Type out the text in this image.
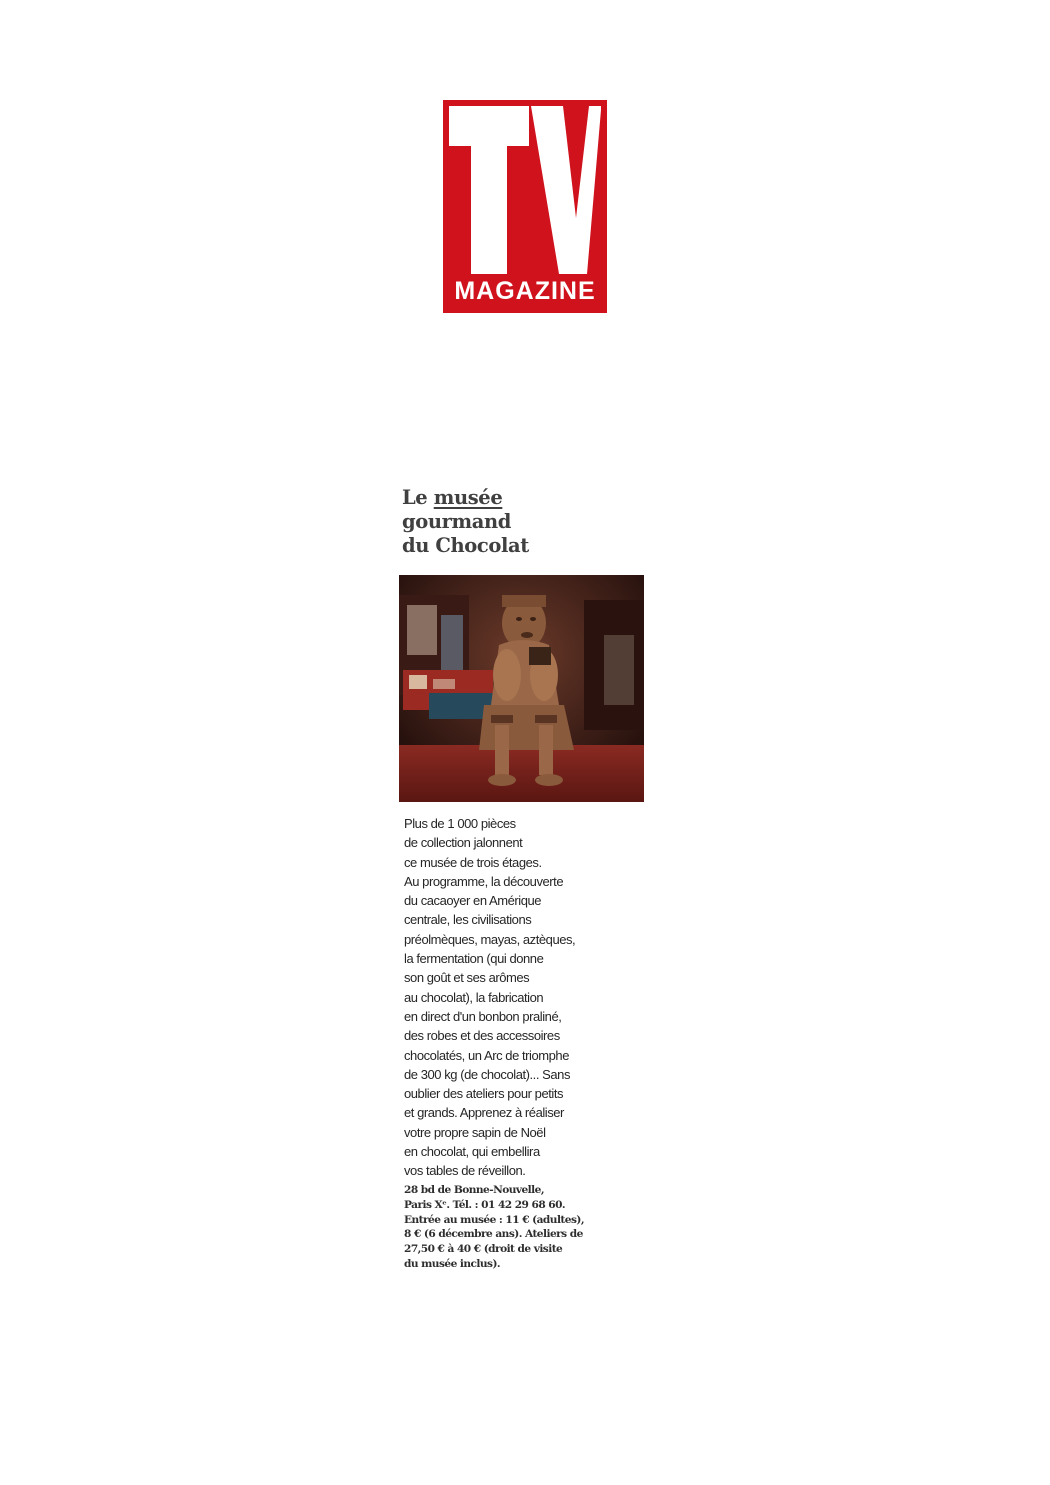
MAGAZINE
Le musée
gourmand
du Chocolat
Plus de 1 000 pièces
de collection jalonnent
ce musée de trois étages.
Au programme, la découverte
du cacaoyer en Amérique
centrale, les civilisations
préolmèques, mayas, aztèques,
la fermentation (qui donne
son goût et ses arômes
au chocolat), la fabrication
en direct d'un bonbon praliné,
des robes et des accessoires
chocolatés, un Arc de triomphe
de 300 kg (de chocolat)... Sans
oublier des ateliers pour petits
et grands. Apprenez à réaliser
votre propre sapin de Noël
en chocolat, qui embellira
vos tables de réveillon.
28 bd de Bonne-Nouvelle,
Paris Xᵉ. Tél. : 01 42 29 68 60.
Entrée au musée : 11 € (adultes),
8 € (6 décembre ans). Ateliers de
27,50 € à 40 € (droit de visite
du musée inclus).
